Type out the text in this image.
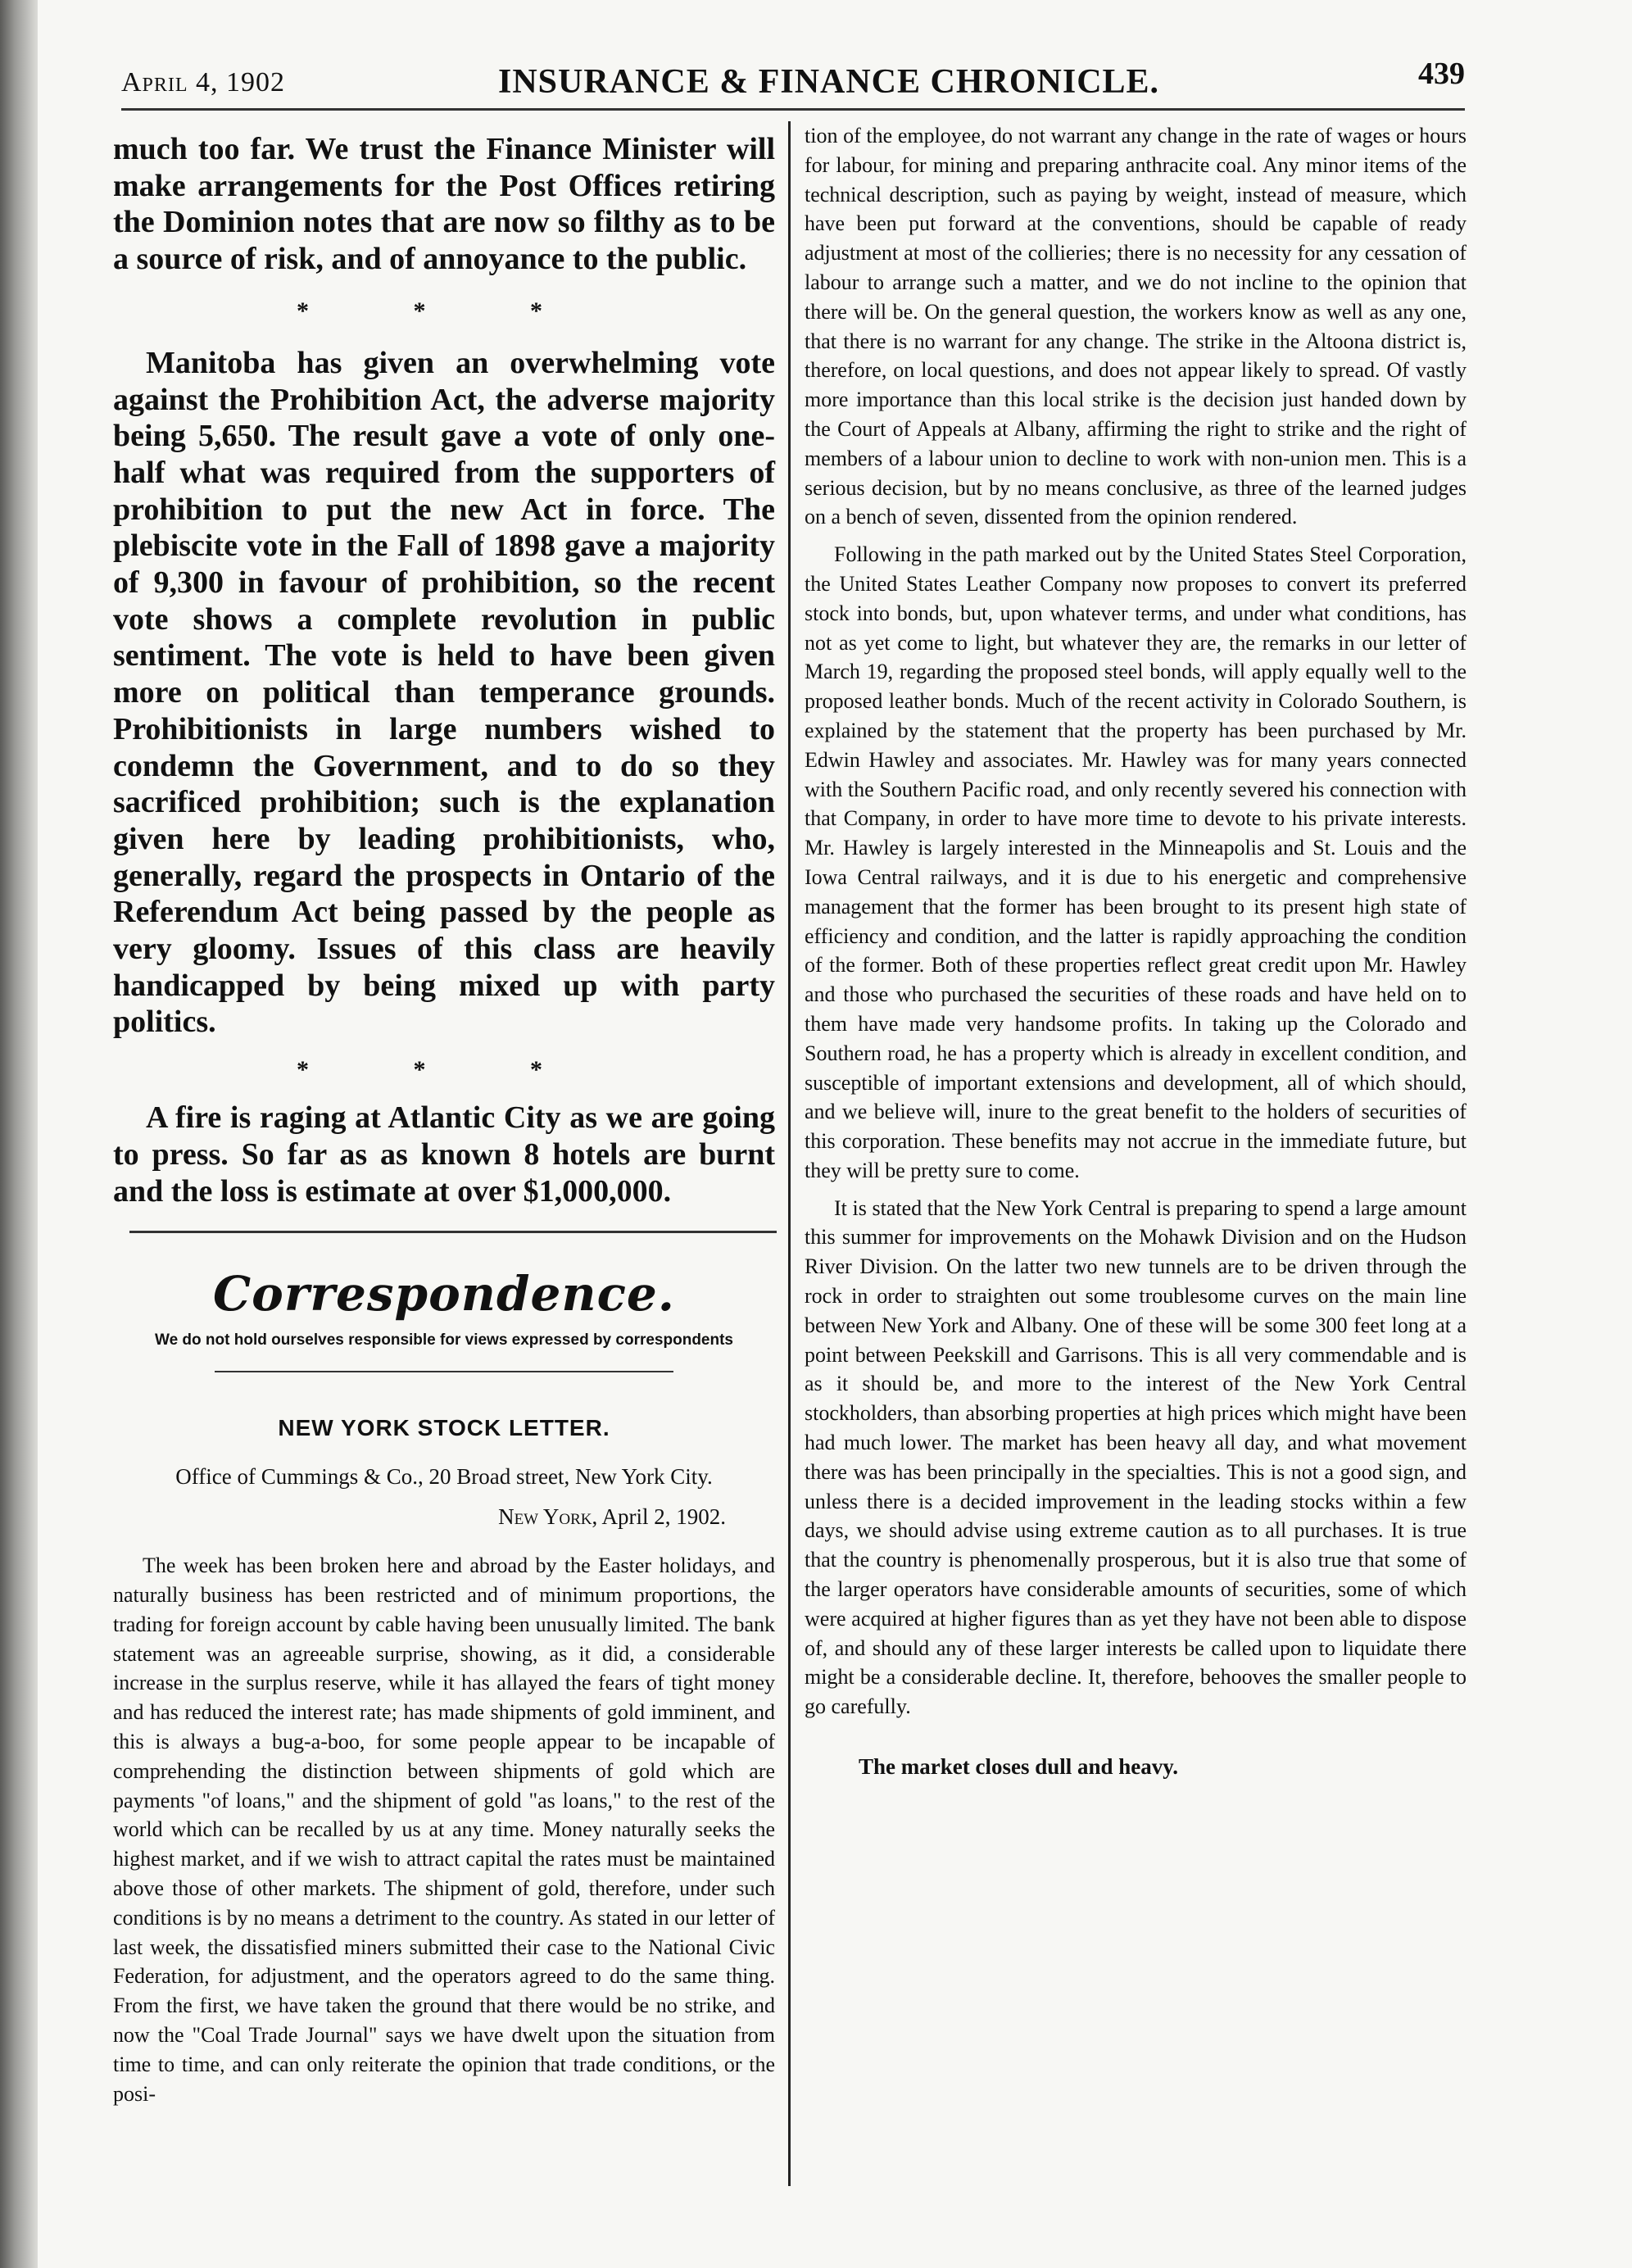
April 4, 1902	INSURANCE & FINANCE CHRONICLE.	439

much too far. We trust the Finance Minister will make arrangements for the Post Offices retiring the Dominion notes that are now so filthy as to be a source of risk, and of annoyance to the public.

* * *

Manitoba has given an overwhelming vote against the Prohibition Act, the adverse majority being 5,650. The result gave a vote of only one-half what was required from the supporters of prohibition to put the new Act in force. The plebiscite vote in the Fall of 1898 gave a majority of 9,300 in favour of prohibition, so the recent vote shows a complete revolution in public sentiment. The vote is held to have been given more on political than temperance grounds. Prohibitionists in large numbers wished to condemn the Government, and to do so they sacrificed prohibition; such is the explanation given here by leading prohibitionists, who, generally, regard the prospects in Ontario of the Referendum Act being passed by the people as very gloomy. Issues of this class are heavily handicapped by being mixed up with party politics.

* * *

A fire is raging at Atlantic City as we are going to press. So far as as known 8 hotels are burnt and the loss is estimate at over $1,000,000.

Correspondence.
We do not hold ourselves responsible for views expressed by correspondents
NEW YORK STOCK LETTER.
Office of Cummings & Co., 20 Broad street, New York City.
New York, April 2, 1902.

The week has been broken here and abroad by the Easter holidays, and naturally business has been restricted and of minimum proportions, the trading for foreign account by cable having been unusually limited. The bank statement was an agreeable surprise, showing, as it did, a considerable increase in the surplus reserve, while it has allayed the fears of tight money and has reduced the interest rate; has made shipments of gold imminent, and this is always a bug-a-boo, for some people appear to be incapable of comprehending the distinction between shipments of gold which are payments "of loans," and the shipment of gold "as loans," to the rest of the world which can be recalled by us at any time. Money naturally seeks the highest market, and if we wish to attract capital the rates must be maintained above those of other markets. The shipment of gold, therefore, under such conditions is by no means a detriment to the country. As stated in our letter of last week, the dissatisfied miners submitted their case to the National Civic Federation, for adjustment, and the operators agreed to do the same thing. From the first, we have taken the ground that there would be no strike, and now the "Coal Trade Journal" says we have dwelt upon the situation from time to time, and can only reiterate the opinion that trade conditions, or the posi-

tion of the employee, do not warrant any change in the rate of wages or hours for labour, for mining and preparing anthracite coal. Any minor items of the technical description, such as paying by weight, instead of measure, which have been put forward at the conventions, should be capable of ready adjustment at most of the collieries; there is no necessity for any cessation of labour to arrange such a matter, and we do not incline to the opinion that there will be. On the general question, the workers know as well as any one, that there is no warrant for any change. The strike in the Altoona district is, therefore, on local questions, and does not appear likely to spread. Of vastly more importance than this local strike is the decision just handed down by the Court of Appeals at Albany, affirming the right to strike and the right of members of a labour union to decline to work with non-union men. This is a serious decision, but by no means conclusive, as three of the learned judges on a bench of seven, dissented from the opinion rendered.

Following in the path marked out by the United States Steel Corporation, the United States Leather Company now proposes to convert its preferred stock into bonds, but, upon whatever terms, and under what conditions, has not as yet come to light, but whatever they are, the remarks in our letter of March 19, regarding the proposed steel bonds, will apply equally well to the proposed leather bonds. Much of the recent activity in Colorado Southern, is explained by the statement that the property has been purchased by Mr. Edwin Hawley and associates. Mr. Hawley was for many years connected with the Southern Pacific road, and only recently severed his connection with that Company, in order to have more time to devote to his private interests. Mr. Hawley is largely interested in the Minneapolis and St. Louis and the Iowa Central railways, and it is due to his energetic and comprehensive management that the former has been brought to its present high state of efficiency and condition, and the latter is rapidly approaching the condition of the former. Both of these properties reflect great credit upon Mr. Hawley and those who purchased the securities of these roads and have held on to them have made very handsome profits. In taking up the Colorado and Southern road, he has a property which is already in excellent condition, and susceptible of important extensions and development, all of which should, and we believe will, inure to the great benefit to the holders of securities of this corporation. These benefits may not accrue in the immediate future, but they will be pretty sure to come.

It is stated that the New York Central is preparing to spend a large amount this summer for improvements on the Mohawk Division and on the Hudson River Division. On the latter two new tunnels are to be driven through the rock in order to straighten out some troublesome curves on the main line between New York and Albany. One of these will be some 300 feet long at a point between Peekskill and Garrisons. This is all very commendable and is as it should be, and more to the interest of the New York Central stockholders, than absorbing properties at high prices which might have been had much lower. The market has been heavy all day, and what movement there was has been principally in the specialties. This is not a good sign, and unless there is a decided improvement in the leading stocks within a few days, we should advise using extreme caution as to all purchases. It is true that the country is phenomenally prosperous, but it is also true that some of the larger operators have considerable amounts of securities, some of which were acquired at higher figures than as yet they have not been able to dispose of, and should any of these larger interests be called upon to liquidate there might be a considerable decline. It, therefore, behooves the smaller people to go carefully.

The market closes dull and heavy.
